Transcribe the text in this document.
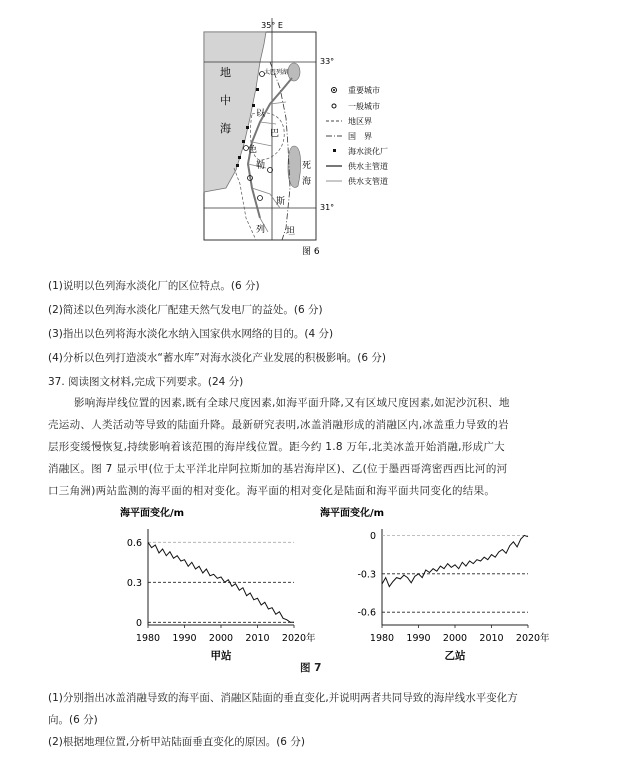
35° E
33°
31°
地
中
海
太巴列湖
以
色
列
巴
勒
斯
坦
死
海
重要城市
一般城市
地区界
国　界
海水淡化厂
供水主管道
供水支管道
图 6
(1)说明以色列海水淡化厂的区位特点。(6 分)
(2)简述以色列海水淡化厂配建天然气发电厂的益处。(6 分)
(3)指出以色列将海水淡化水纳入国家供水网络的目的。(4 分)
(4)分析以色列打造淡水“蓄水库”对海水淡化产业发展的积极影响。(6 分)
37. 阅读图文材料,完成下列要求。(24 分)
影响海岸线位置的因素,既有全球尺度因素,如海平面升降,又有区域尺度因素,如泥沙沉积、地
壳运动、人类活动等导致的陆面升降。最新研究表明,冰盖消融形成的消融区内,冰盖重力导致的岩
层形变缓慢恢复,持续影响着该范围的海岸线位置。距今约 1.8 万年,北美冰盖开始消融,形成广大
消融区。图 7 显示甲(位于太平洋北岸阿拉斯加的基岩海岸区)、乙(位于墨西哥湾密西西比河的河
口三角洲)两站监测的海平面的相对变化。海平面的相对变化是陆面和海平面共同变化的结果。
海平面变化/m
0.6
0.3
0
1980 1990 2000 2010 2020 年
甲站
海平面变化/m
0
-0.3
-0.6
1980 1990 2000 2010 2020 年
乙站
图 7
(1)分别指出冰盖消融导致的海平面、消融区陆面的垂直变化,并说明两者共同导致的海岸线水平变化方
向。(6 分)
(2)根据地理位置,分析甲站陆面垂直变化的原因。(6 分)
